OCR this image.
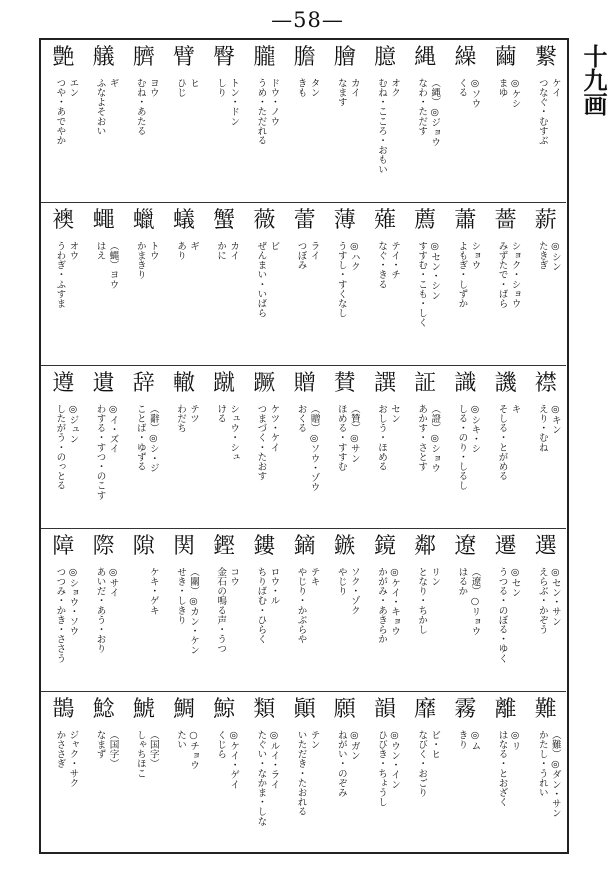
—58—
十九画
繋
ケイ
つなぐ・むすぶ
繭
◎ケシ
まゆ
繰
◎ソウ
くる
縄
（縄）◎ジョウ
なわ・ただす
臆
オク
むね・こころ・おもい
膾
カイ
なます
膽
タン
きも
朧
ドウ・ノウ
うめ・ただれる
臀
トン・ドン
しり
臂
ヒ
ひじ
臍
ヨウ
むね・あたる
艤
ギ
ふなよそおい
艶
エン
つや・あでやか
薪
◎シン
たきぎ
薔
ショク・ショウ
みずたで・ばら
蕭
ショウ
よもぎ・しずか
薦
◎セン・シン
すすむ・こも・しく
薙
テイ・チ
なぐ・きる
薄
◎ハク
うすし・すくなし
蕾
ライ
つぼみ
薇
ビ
ぜんまい・いばら
蟹
カイ
かに
蟻
ギ
あり
蠟
トウ
かまきり
蠅
（蝿）ヨウ
はえ
襖
オウ
うわぎ・ふすま
襟
◎キン
えり・むね
譏
キ
そしる・とがめる
識
◎シキ・シ
しる・のり・しるし
証
（證）◎ショウ
あかす・さとす
譔
セン
おしう・ほめる
賛
（贊）◎サン
ほめる・すすむ
贈
（贈）◎ソウ・ゾウ
おくる
蹶
ケツ・ケイ
つまづく・たおす
蹴
シュウ・シュ
ける
轍
テツ
わだち
辞
（辭）◎シ・ジ
ことば・ゆずる
遺
◎イ・ズイ
わする・すつ・のこす
遵
◎ジュン
したがう・のっとる
選
◎セン・サン
えらぶ・かぞう
遷
◎セン
うつる・のぼる・ゆく
遼
（遼）○リョウ
はるか
鄰
リン
となり・ちかし
鏡
◎ケイ・キョウ
かがみ・あきらか
鏃
ソク・ゾク
やじり
鏑
テキ
やじり・かぶらや
鏤
ロウ・ル
ちりばむ・ひらく
鏗
コウ
金石の鳴る声・うつ
関
（關）◎カン・ケン
せき・しきり
隙
ケキ・ゲキ
際
◎サイ
あいだ・あう・おり
障
◎ショウ・ソウ
つつみ・かき・ささう
難
（難）◎ダン・サン
かたし・うれい
離
◎リ
はなる・とおざく
霧
◎ム
きり
靡
ビ・ヒ
なびく・おごり
韻
◎ウン・イン
ひびき・ちょうし
願
◎ガン
ねがい・のぞみ
顚
テン
いただき・たおれる
類
◎ルイ・ライ
たぐい・なかま・しな
鯨
◎ケイ・ゲイ
くじら
鯛
○チョウ
たい
鯱
（国字）
しゃちほこ
鯰
（国字）
なまず
鵲
ジャク・サク
かささぎ
